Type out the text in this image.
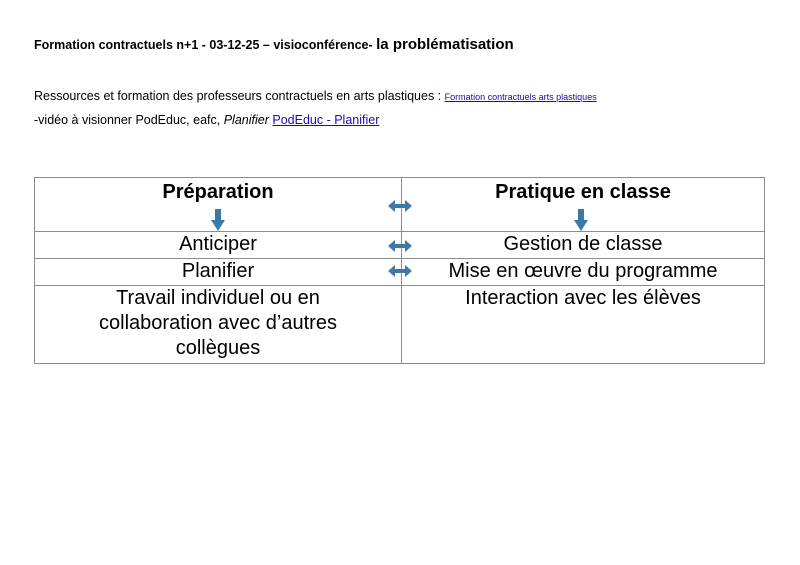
Formation contractuels n+1 - 03-12-25 – visioconférence- la problématisation
Ressources et formation des professeurs contractuels en arts plastiques : Formation contractuels arts plastiques
-vidéo à visionner PodEduc, eafc, Planifier PodEduc - Planifier
Préparation	Pratique en classe

Anticiper	Gestion de classe

Planifier	Mise en œuvre du programme

Travail individuel ou en collaboration avec d’autres collègues	Interaction avec les élèves
